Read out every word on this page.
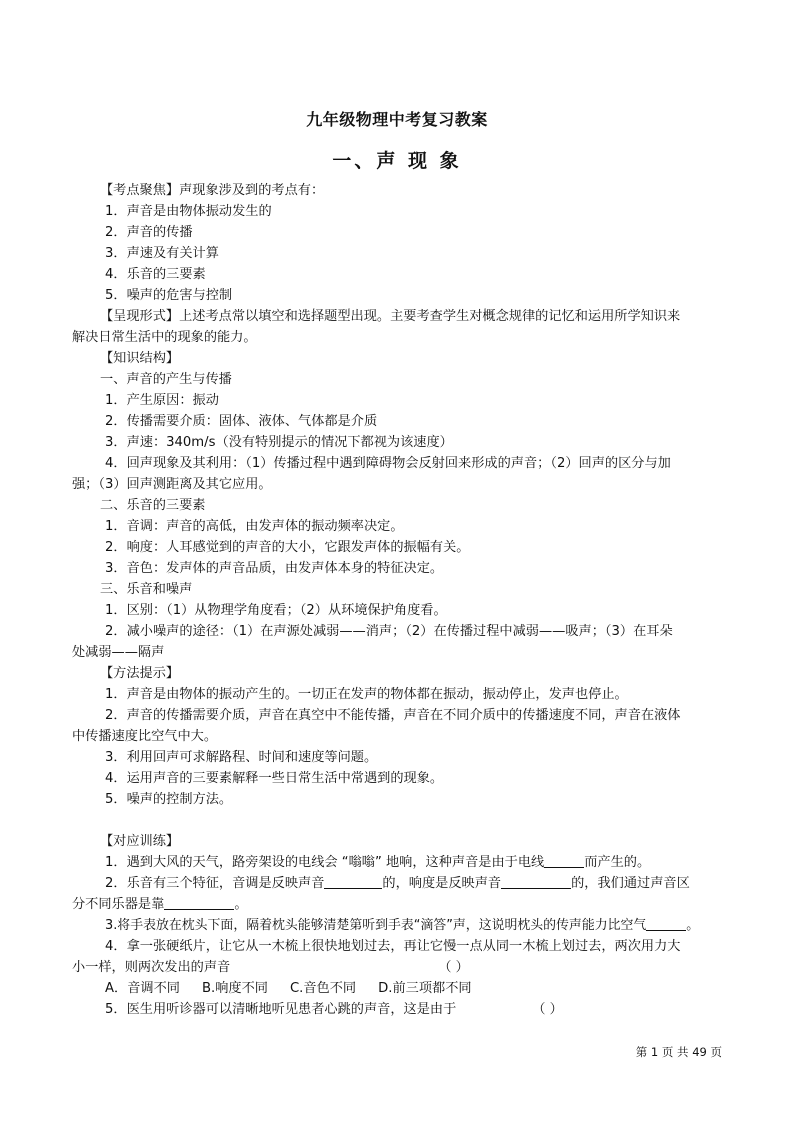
九年级物理中考复习教案
一、声 现 象
【考点聚焦】声现象涉及到的考点有：
1．声音是由物体振动发生的
2．声音的传播
3．声速及有关计算
4．乐音的三要素
5．噪声的危害与控制
【呈现形式】上述考点常以填空和选择题型出现。主要考查学生对概念规律的记忆和运用所学知识来
解决日常生活中的现象的能力。
【知识结构】
一、声音的产生与传播
1．产生原因：振动
2．传播需要介质：固体、液体、气体都是介质
3．声速：340m/s（没有特别提示的情况下都视为该速度）
4．回声现象及其利用：（1）传播过程中遇到障碍物会反射回来形成的声音；（2）回声的区分与加
强；（3）回声测距离及其它应用。
二、乐音的三要素
1．音调：声音的高低，由发声体的振动频率决定。
2．响度：人耳感觉到的声音的大小，它跟发声体的振幅有关。
3．音色：发声体的声音品质，由发声体本身的特征决定。
三、乐音和噪声
1．区别：（1）从物理学角度看；（2）从环境保护角度看。
2．减小噪声的途径：（1）在声源处减弱——消声；（2）在传播过程中减弱——吸声；（3）在耳朵
处减弱——隔声
【方法提示】
1．声音是由物体的振动产生的。一切正在发声的物体都在振动，振动停止，发声也停止。
2．声音的传播需要介质，声音在真空中不能传播，声音在不同介质中的传播速度不同，声音在液体
中传播速度比空气中大。
3．利用回声可求解路程、时间和速度等问题。
4．运用声音的三要素解释一些日常生活中常遇到的现象。
5．噪声的控制方法。
【对应训练】
1．遇到大风的天气，路旁架设的电线会 “嗡嗡” 地响，这种声音是由于电线	而产生的。
2．乐音有三个特征，音调是反映声音	的，响度是反映声音	的，我们通过声音区
分不同乐器是靠	。
3.将手表放在枕头下面，隔着枕头能够清楚第听到手表“滴答”声，这说明枕头的传声能力比空气	。
4．拿一张硬纸片，让它从一木梳上很快地划过去，再让它慢一点从同一木梳上划过去，两次用力大
小一样，则两次发出的声音	（ ）
A．音调不同 B.响度不同 C.音色不同 D.前三项都不同
5．医生用听诊器可以清晰地听见患者心跳的声音，这是由于	（ ）
第 1 页 共 49 页
